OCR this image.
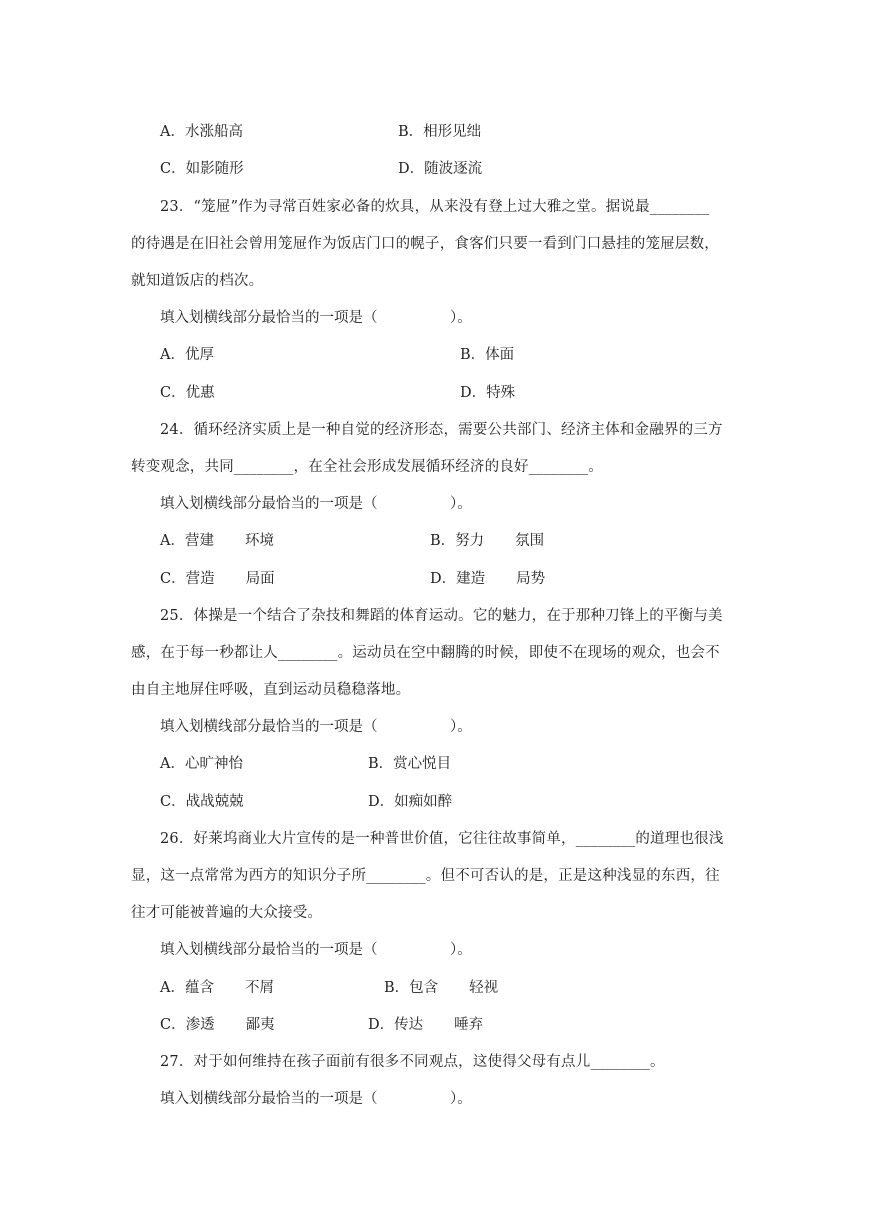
A．水涨船高	B．相形见绌
C．如影随形	D．随波逐流
23．“笼屉”作为寻常百姓家必备的炊具，从来没有登上过大雅之堂。据说最________
的待遇是在旧社会曾用笼屉作为饭店门口的幌子，食客们只要一看到门口悬挂的笼屉层数，
就知道饭店的档次。
填入划横线部分最恰当的一项是（　　　　　）。
A．优厚	B．体面
C．优惠	D．特殊
24．循环经济实质上是一种自觉的经济形态，需要公共部门、经济主体和金融界的三方
转变观念，共同________，在全社会形成发展循环经济的良好________。
填入划横线部分最恰当的一项是（　　　　　）。
A．营建 环境	B．努力 氛围
C．营造 局面	D．建造 局势
25．体操是一个结合了杂技和舞蹈的体育运动。它的魅力，在于那种刀锋上的平衡与美
感，在于每一秒都让人________。运动员在空中翻腾的时候，即使不在现场的观众，也会不
由自主地屏住呼吸，直到运动员稳稳落地。
填入划横线部分最恰当的一项是（　　　　　）。
A．心旷神怡	B．赏心悦目
C．战战兢兢	D．如痴如醉
26．好莱坞商业大片宣传的是一种普世价值，它往往故事简单，________的道理也很浅
显，这一点常常为西方的知识分子所________。但不可否认的是，正是这种浅显的东西，往
往才可能被普遍的大众接受。
填入划横线部分最恰当的一项是（　　　　　）。
A．蕴含 不屑	B．包含 轻视
C．渗透 鄙夷	D．传达 唾弃
27．对于如何维持在孩子面前有很多不同观点，这使得父母有点儿________。
填入划横线部分最恰当的一项是（　　　　　）。
